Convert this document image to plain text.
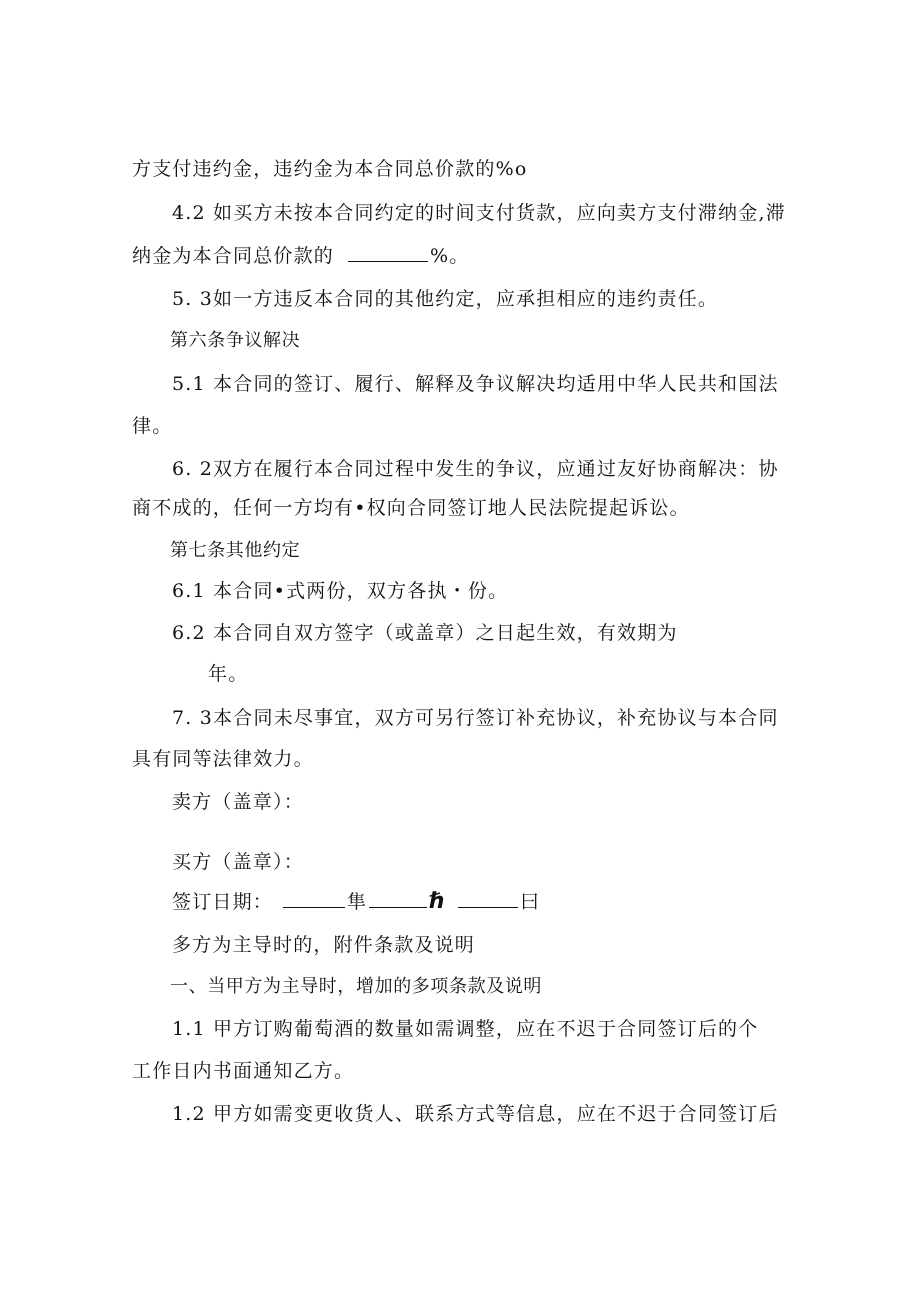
方支付违约金，违约金为本合同总价款的%o

4.2 如买方未按本合同约定的时间支付货款，应向卖方支付滞纳金,滞

纳金为本合同总价款的	%。

5. 3如一方违反本合同的其他约定，应承担相应的违约责任。

第六条争议解决

5.1 本合同的签订、履行、解释及争议解决均适用中华人民共和国法

律。

6. 2双方在履行本合同过程中发生的争议，应通过友好协商解决：协

商不成的，任何一方均有•权向合同签订地人民法院提起诉讼。

第七条其他约定

6.1 本合同•式两份，双方各执・份。

6.2 本合同自双方签字（或盖章）之日起生效，有效期为

年。

7. 3本合同未尽事宜，双方可另行签订补充协议，补充协议与本合同

具有同等法律效力。

卖方（盖章）：

买方（盖章）：

签订日期：	隼	ℏ	曰

多方为主导时的，附件条款及说明

一、当甲方为主导时，增加的多项条款及说明

1.1 甲方订购葡萄酒的数量如需调整，应在不迟于合同签订后的个

工作日内书面通知乙方。

1.2 甲方如需变更收货人、联系方式等信息，应在不迟于合同签订后
